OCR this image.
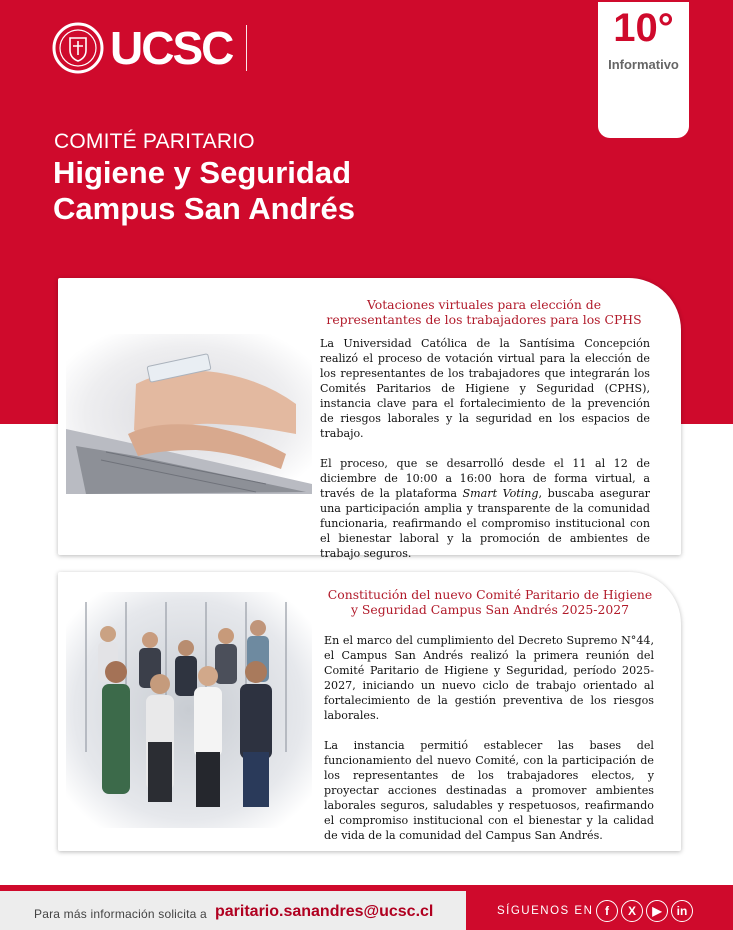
UCSC	10°
Informativo
COMITÉ PARITARIO
Higiene y Seguridad
Campus San Andrés
Votaciones virtuales para elección de
representantes de los trabajadores para los CPHS

La Universidad Católica de la Santísima Concepción realizó el proceso de votación virtual para la elección de los representantes de los trabajadores que integrarán los Comités Paritarios de Higiene y Seguridad (CPHS), instancia clave para el fortalecimiento de la prevención de riesgos laborales y la seguridad en los espacios de trabajo.

El proceso, que se desarrolló desde el 11 al 12 de diciembre de 10:00 a 16:00 hora de forma virtual, a través de la plataforma Smart Voting, buscaba asegurar una participación amplia y transparente de la comunidad funcionaria, reafirmando el compromiso institucional con el bienestar laboral y la promoción de ambientes de trabajo seguros.

Constitución del nuevo Comité Paritario de Higiene
y Seguridad Campus San Andrés 2025-2027

En el marco del cumplimiento del Decreto Supremo N°44, el Campus San Andrés realizó la primera reunión del Comité Paritario de Higiene y Seguridad, período 2025-2027, iniciando un nuevo ciclo de trabajo orientado al fortalecimiento de la gestión preventiva de los riesgos laborales.

La instancia permitió establecer las bases del funcionamiento del nuevo Comité, con la participación de los representantes de los trabajadores electos, y proyectar acciones destinadas a promover ambientes laborales seguros, saludables y respetuosos, reafirmando el compromiso institucional con el bienestar y la calidad de vida de la comunidad del Campus San Andrés.

Para más información solicita a paritario.sanandres@ucsc.cl	SÍGUENOS EN f	X	▶	in
